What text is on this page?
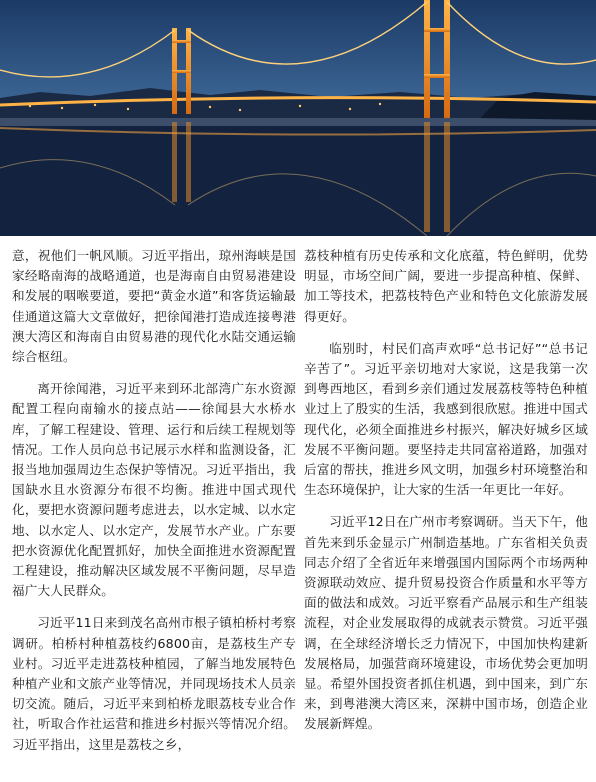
意，祝他们一帆风顺。习近平指出，琼州海峡是国家经略南海的战略通道，也是海南自由贸易港建设和发展的咽喉要道，要把“黄金水道”和客货运输最佳通道这篇大文章做好，把徐闻港打造成连接粤港澳大湾区和海南自由贸易港的现代化水陆交通运输综合枢纽。

离开徐闻港，习近平来到环北部湾广东水资源配置工程向南输水的接点站——徐闻县大水桥水库，了解工程建设、管理、运行和后续工程规划等情况。工作人员向总书记展示水样和监测设备，汇报当地加强周边生态保护等情况。习近平指出，我国缺水且水资源分布很不均衡。推进中国式现代化，要把水资源问题考虑进去，以水定城、以水定地、以水定人、以水定产，发展节水产业。广东要把水资源优化配置抓好，加快全面推进水资源配置工程建设，推动解决区域发展不平衡问题，尽早造福广大人民群众。

习近平11日来到茂名高州市根子镇柏桥村考察调研。柏桥村种植荔枝约6800亩，是荔枝生产专业村。习近平走进荔枝种植园，了解当地发展特色种植产业和文旅产业等情况，并同现场技术人员亲切交流。随后，习近平来到柏桥龙眼荔枝专业合作社，听取合作社运营和推进乡村振兴等情况介绍。习近平指出，这里是荔枝之乡，

荔枝种植有历史传承和文化底蕴，特色鲜明，优势明显，市场空间广阔，要进一步提高种植、保鲜、加工等技术，把荔枝特色产业和特色文化旅游发展得更好。

临别时，村民们高声欢呼“总书记好”“总书记辛苦了”。习近平亲切地对大家说，这是我第一次到粤西地区，看到乡亲们通过发展荔枝等特色种植业过上了殷实的生活，我感到很欣慰。推进中国式现代化，必须全面推进乡村振兴，解决好城乡区域发展不平衡问题。要坚持走共同富裕道路，加强对后富的帮扶，推进乡风文明，加强乡村环境整治和生态环境保护，让大家的生活一年更比一年好。

习近平12日在广州市考察调研。当天下午，他首先来到乐金显示广州制造基地。广东省相关负责同志介绍了全省近年来增强国内国际两个市场两种资源联动效应、提升贸易投资合作质量和水平等方面的做法和成效。习近平察看产品展示和生产组装流程，对企业发展取得的成就表示赞赏。习近平强调，在全球经济增长乏力情况下，中国加快构建新发展格局，加强营商环境建设，市场优势会更加明显。希望外国投资者抓住机遇，到中国来，到广东来，到粤港澳大湾区来，深耕中国市场，创造企业发展新辉煌。
